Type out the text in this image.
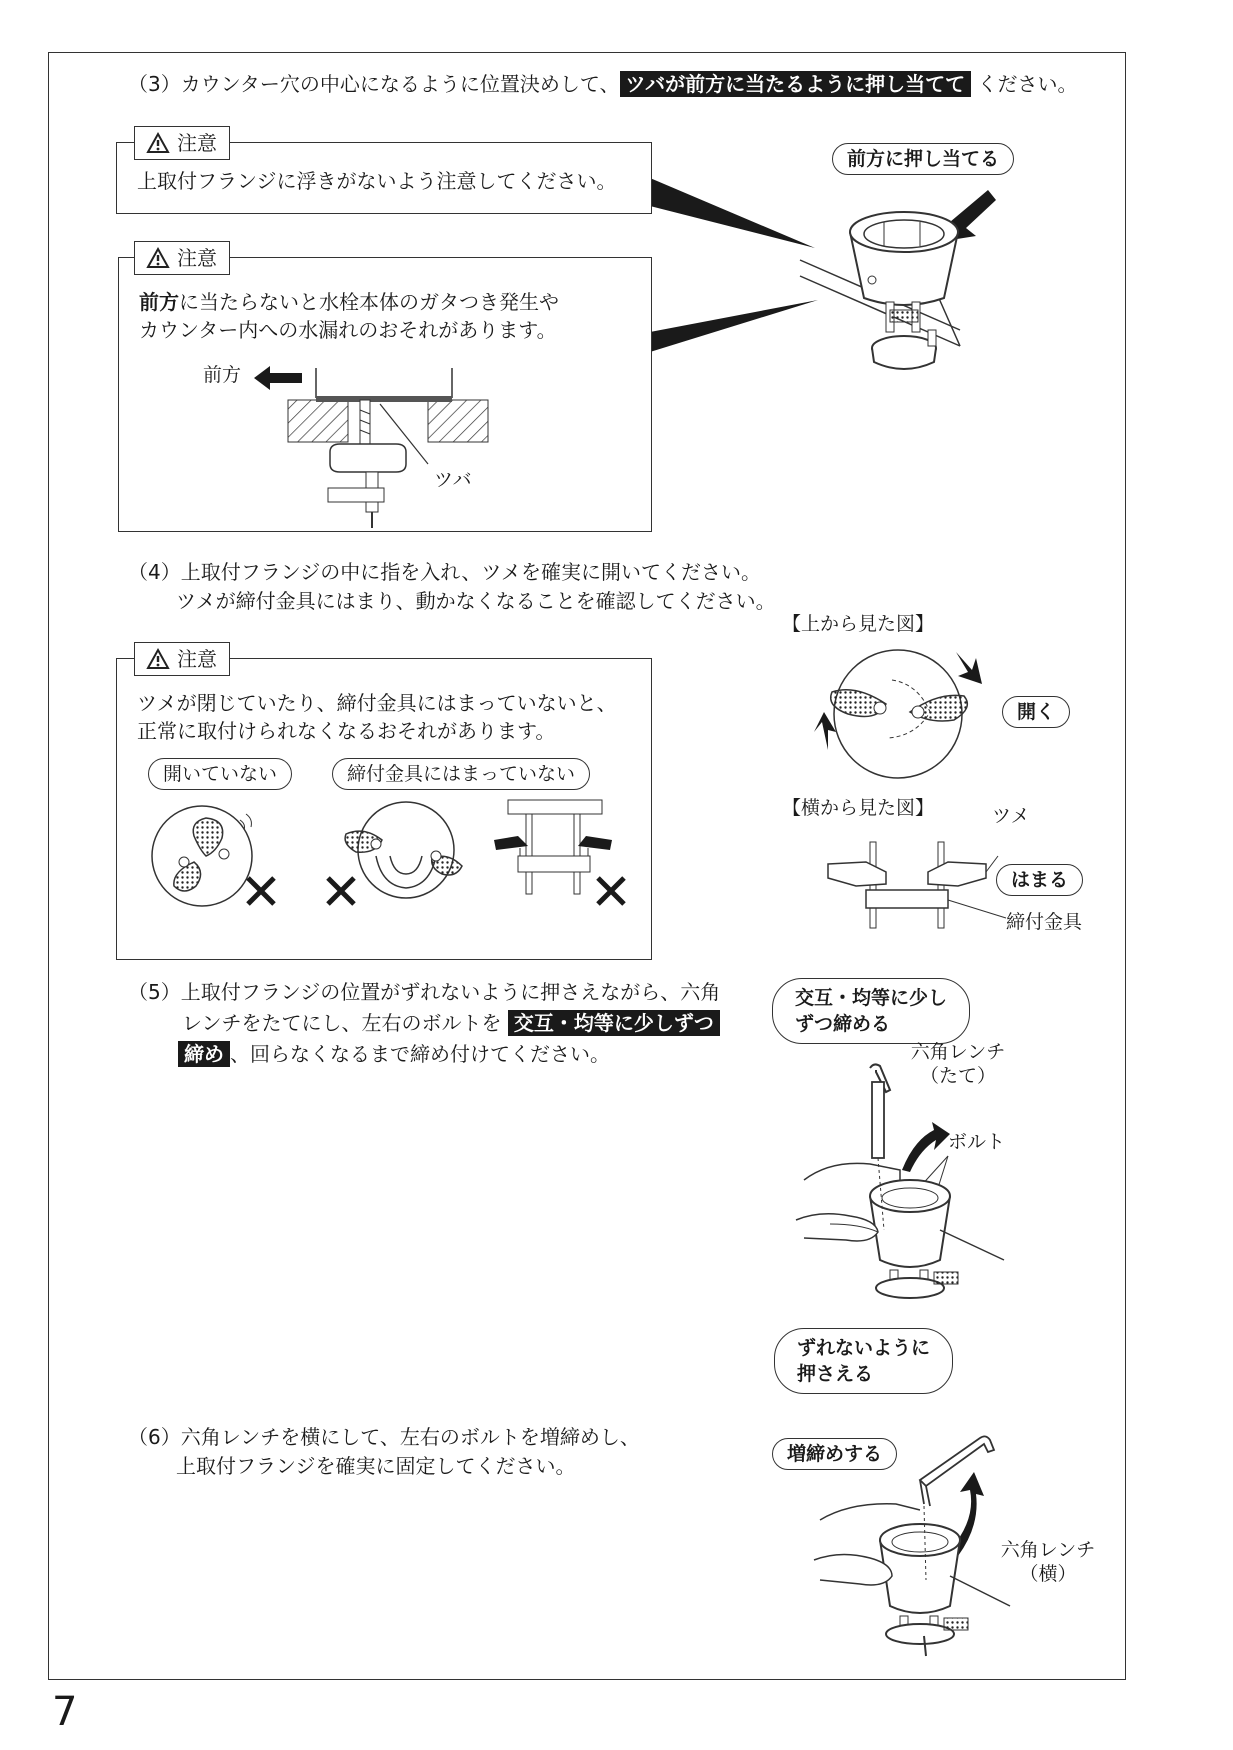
（3）カウンター穴の中心になるように位置決めして、 ツバが前方に当たるように押し当てて ください。
上取付フランジに浮きがないよう注意してください。
注意
前方に当たらないと水栓本体のガタつき発生や
カウンター内への水漏れのおそれがあります。
注意
前方
ツバ
前方に押し当てる
（4）上取付フランジの中に指を入れ、ツメを確実に開いてください。
ツメが締付金具にはまり、動かなくなることを確認してください。
ツメが閉じていたり、締付金具にはまっていないと、
正常に取付けられなくなるおそれがあります。
注意
開いていない	締付金具にはまっていない
【上から見た図】
開く
【横から見た図】	ツメ
はまる
締付金具
（5）上取付フランジの位置がずれないように押さえながら、六角
レンチをたてにし、左右のボルトを 交互・均等に少しずつ
締め 、回らなくなるまで締め付けてください。
交互・均等に少し
ずつ締める
六角レンチ
（たて）
ボルト
ずれないように
押さえる
（6）六角レンチを横にして、左右のボルトを増締めし、
上取付フランジを確実に固定してください。	増締めする
六角レンチ
（横）
7
